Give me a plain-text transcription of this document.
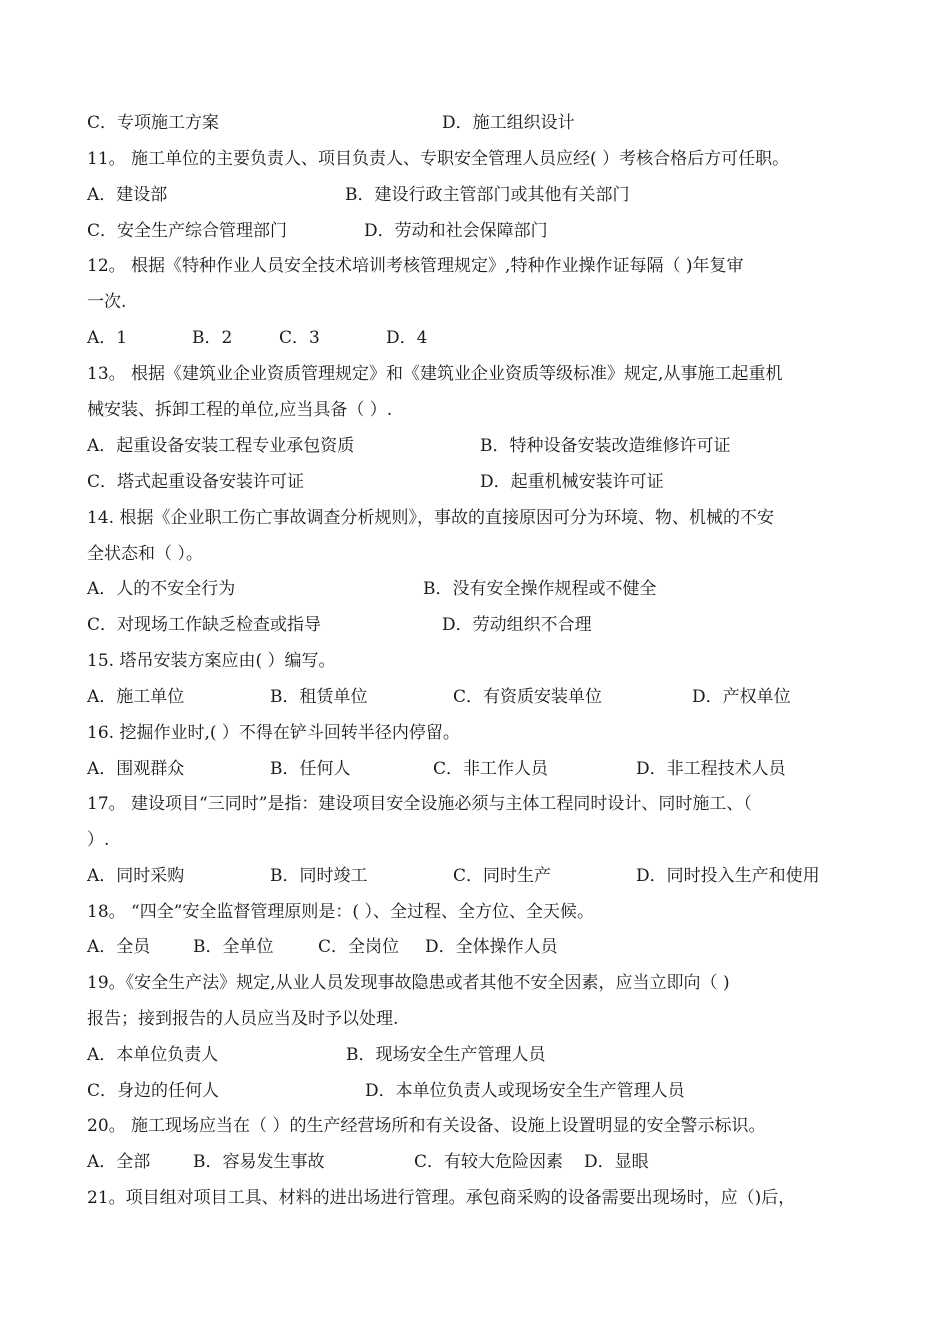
C．专项施工方案	D．施工组织设计
11。 施工单位的主要负责人、项目负责人、专职安全管理人员应经( ）考核合格后方可任职。
A．建设部	B．建设行政主管部门或其他有关部门
C．安全生产综合管理部门	D．劳动和社会保障部门
12。 根据《特种作业人员安全技术培训考核管理规定》,特种作业操作证每隔（ )年复审
一次.
A．1	B．2	C．3	D．4
13。 根据《建筑业企业资质管理规定》和《建筑业企业资质等级标准》规定,从事施工起重机
械安装、拆卸工程的单位,应当具备（ ）.
A．起重设备安装工程专业承包资质	B．特种设备安装改造维修许可证
C．塔式起重设备安装许可证	D．起重机械安装许可证
14. 根据《企业职工伤亡事故调查分析规则》，事故的直接原因可分为环境、物、机械的不安
全状态和（ ）。
A．人的不安全行为	B．没有安全操作规程或不健全
C．对现场工作缺乏检查或指导	D．劳动组织不合理
15. 塔吊安装方案应由( ）编写。
A．施工单位	B．租赁单位	C．有资质安装单位	D．产权单位
16. 挖掘作业时,( ）不得在铲斗回转半径内停留。
A．围观群众	B．任何人	C．非工作人员	D．非工程技术人员
17。 建设项目“三同时”是指：建设项目安全设施必须与主体工程同时设计、同时施工、（
）.
A．同时采购	B．同时竣工	C．同时生产	D．同时投入生产和使用
18。 “四全”安全监督管理原则是：( ）、全过程、全方位、全天候。
A．全员	B．全单位	C．全岗位 D．全体操作人员
19。《安全生产法》规定,从业人员发现事故隐患或者其他不安全因素，应当立即向（ )
报告；接到报告的人员应当及时予以处理.
A．本单位负责人	B．现场安全生产管理人员
C．身边的任何人	D．本单位负责人或现场安全生产管理人员
20。 施工现场应当在（ ）的生产经营场所和有关设备、设施上设置明显的安全警示标识。
A．全部	B．容易发生事故	C．有较大危险因素 D．显眼
21。项目组对项目工具、材料的进出场进行管理。承包商采购的设备需要出现场时，应（)后，
